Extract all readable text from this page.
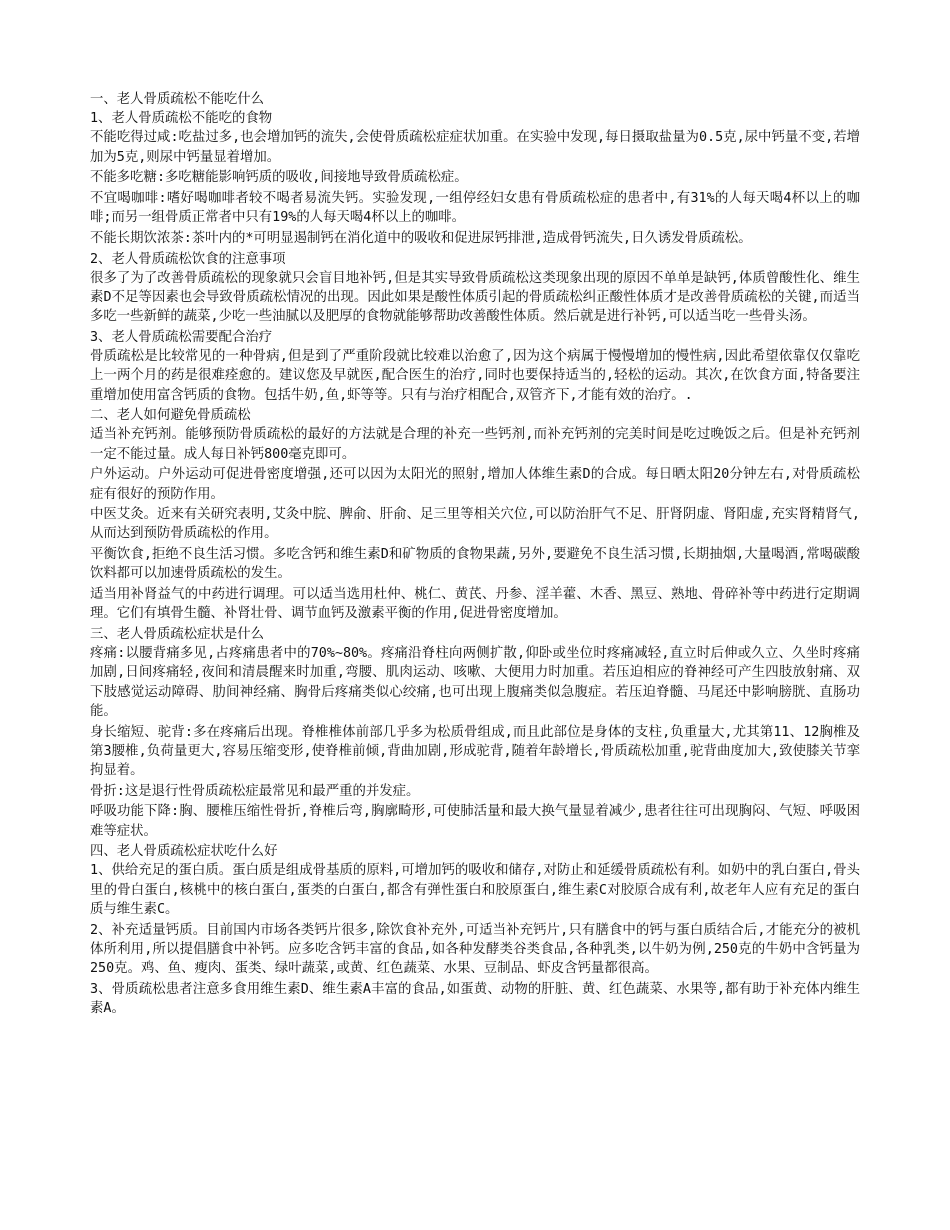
一、老人骨质疏松不能吃什么

1、老人骨质疏松不能吃的食物

不能吃得过咸:吃盐过多,也会增加钙的流失,会使骨质疏松症症状加重。在实验中发现,每日摄取盐量为0.5克,尿中钙量不变,若增加为5克,则尿中钙量显着增加。

不能多吃糖:多吃糖能影响钙质的吸收,间接地导致骨质疏松症。

不宜喝咖啡:嗜好喝咖啡者较不喝者易流失钙。实验发现,一组停经妇女患有骨质疏松症的患者中,有31%的人每天喝4杯以上的咖啡;而另一组骨质正常者中只有19%的人每天喝4杯以上的咖啡。

不能长期饮浓茶:茶叶内的*可明显遏制钙在消化道中的吸收和促进尿钙排泄,造成骨钙流失,日久诱发骨质疏松。

2、老人骨质疏松饮食的注意事项

很多了为了改善骨质疏松的现象就只会盲目地补钙,但是其实导致骨质疏松这类现象出现的原因不单单是缺钙,体质曾酸性化、维生素D不足等因素也会导致骨质疏松情况的出现。因此如果是酸性体质引起的骨质疏松纠正酸性体质才是改善骨质疏松的关键,而适当多吃一些新鲜的蔬菜,少吃一些油腻以及肥厚的食物就能够帮助改善酸性体质。然后就是进行补钙,可以适当吃一些骨头汤。

3、老人骨质疏松需要配合治疗

骨质疏松是比较常见的一种骨病,但是到了严重阶段就比较难以治愈了,因为这个病属于慢慢增加的慢性病,因此希望依靠仅仅靠吃上一两个月的药是很难痊愈的。建议您及早就医,配合医生的治疗,同时也要保持适当的,轻松的运动。其次,在饮食方面,特备要注重增加使用富含钙质的食物。包括牛奶,鱼,虾等等。只有与治疗相配合,双管齐下,才能有效的治疗。.

二、老人如何避免骨质疏松

适当补充钙剂。能够预防骨质疏松的最好的方法就是合理的补充一些钙剂,而补充钙剂的完美时间是吃过晚饭之后。但是补充钙剂一定不能过量。成人每日补钙800毫克即可。

户外运动。户外运动可促进骨密度增强,还可以因为太阳光的照射,增加人体维生素D的合成。每日晒太阳20分钟左右,对骨质疏松症有很好的预防作用。

中医艾灸。近来有关研究表明,艾灸中脘、脾俞、肝俞、足三里等相关穴位,可以防治肝气不足、肝肾阴虚、肾阳虚,充实肾精肾气,从而达到预防骨质疏松的作用。

平衡饮食,拒绝不良生活习惯。多吃含钙和维生素D和矿物质的食物果蔬,另外,要避免不良生活习惯,长期抽烟,大量喝酒,常喝碳酸饮料都可以加速骨质疏松的发生。

适当用补肾益气的中药进行调理。可以适当选用杜仲、桃仁、黄芪、丹参、淫羊藿、木香、黑豆、熟地、骨碎补等中药进行定期调理。它们有填骨生髓、补肾壮骨、调节血钙及激素平衡的作用,促进骨密度增加。

三、老人骨质疏松症状是什么

疼痛:以腰背痛多见,占疼痛患者中的70%~80%。疼痛沿脊柱向两侧扩散,仰卧或坐位时疼痛减轻,直立时后伸或久立、久坐时疼痛加剧,日间疼痛轻,夜间和清晨醒来时加重,弯腰、肌肉运动、咳嗽、大便用力时加重。若压迫相应的脊神经可产生四肢放射痛、双下肢感觉运动障碍、肋间神经痛、胸骨后疼痛类似心绞痛,也可出现上腹痛类似急腹症。若压迫脊髓、马尾还中影响膀胱、直肠功能。

身长缩短、驼背:多在疼痛后出现。脊椎椎体前部几乎多为松质骨组成,而且此部位是身体的支柱,负重量大,尤其第11、12胸椎及第3腰椎,负荷量更大,容易压缩变形,使脊椎前倾,背曲加剧,形成驼背,随着年龄增长,骨质疏松加重,驼背曲度加大,致使膝关节挛拘显着。

骨折:这是退行性骨质疏松症最常见和最严重的并发症。

呼吸功能下降:胸、腰椎压缩性骨折,脊椎后弯,胸廓畸形,可使肺活量和最大换气量显着减少,患者往往可出现胸闷、气短、呼吸困难等症状。

四、老人骨质疏松症状吃什么好

1、供给充足的蛋白质。蛋白质是组成骨基质的原料,可增加钙的吸收和储存,对防止和延缓骨质疏松有利。如奶中的乳白蛋白,骨头里的骨白蛋白,核桃中的核白蛋白,蛋类的白蛋白,都含有弹性蛋白和胶原蛋白,维生素C对胶原合成有利,故老年人应有充足的蛋白质与维生素C。

2、补充适量钙质。目前国内市场各类钙片很多,除饮食补充外,可适当补充钙片,只有膳食中的钙与蛋白质结合后,才能充分的被机体所利用,所以提倡膳食中补钙。应多吃含钙丰富的食品,如各种发酵类谷类食品,各种乳类,以牛奶为例,250克的牛奶中含钙量为250克。鸡、鱼、瘦肉、蛋类、绿叶蔬菜,或黄、红色蔬菜、水果、豆制品、虾皮含钙量都很高。

3、骨质疏松患者注意多食用维生素D、维生素A丰富的食品,如蛋黄、动物的肝脏、黄、红色蔬菜、水果等,都有助于补充体内维生素A。
